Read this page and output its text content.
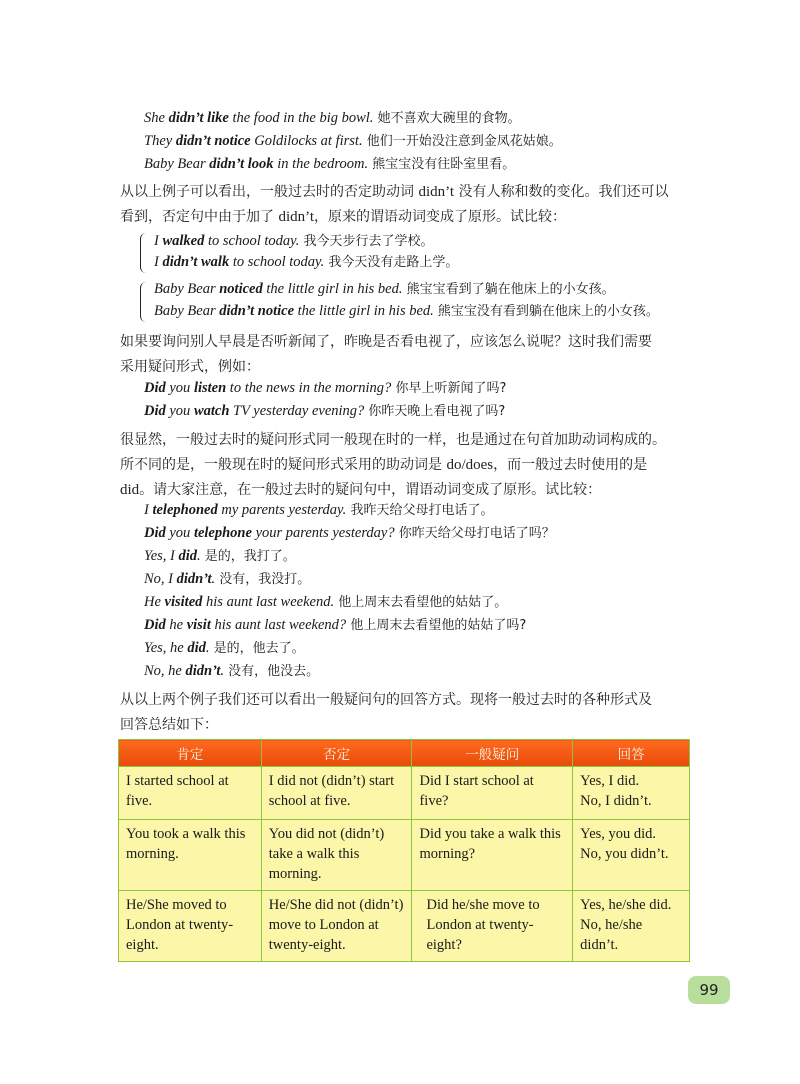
She didn’t like the food in the big bowl. 她不喜欢大碗里的食物。
They didn’t notice Goldilocks at first. 他们一开始没注意到金凤花姑娘。
Baby Bear didn’t look in the bedroom. 熊宝宝没有往卧室里看。
从以上例子可以看出，一般过去时的否定助动词 didn’t 没有人称和数的变化。我们还可以
看到，否定句中由于加了 didn’t，原来的谓语动词变成了原形。试比较：
I walked to school today. 我今天步行去了学校。
I didn’t walk to school today. 我今天没有走路上学。
Baby Bear noticed the little girl in his bed. 熊宝宝看到了躺在他床上的小女孩。
Baby Bear didn’t notice the little girl in his bed. 熊宝宝没有看到躺在他床上的小女孩。
如果要询问别人早晨是否听新闻了，昨晚是否看电视了，应该怎么说呢？这时我们需要
采用疑问形式，例如：
Did you listen to the news in the morning? 你早上听新闻了吗?
Did you watch TV yesterday evening? 你昨天晚上看电视了吗?
很显然，一般过去时的疑问形式同一般现在时的一样，也是通过在句首加助动词构成的。
所不同的是，一般现在时的疑问形式采用的助动词是 do/does，而一般过去时使用的是
did。请大家注意，在一般过去时的疑问句中，谓语动词变成了原形。试比较：
I telephoned my parents yesterday. 我昨天给父母打电话了。
Did you telephone your parents yesterday? 你昨天给父母打电话了吗？
Yes, I did. 是的，我打了。
No, I didn’t. 没有，我没打。
He visited his aunt last weekend. 他上周末去看望他的姑姑了。
Did he visit his aunt last weekend? 他上周末去看望他的姑姑了吗?
Yes, he did. 是的，他去了。
No, he didn’t. 没有，他没去。
从以上两个例子我们还可以看出一般疑问句的回答方式。现将一般过去时的各种形式及
回答总结如下：
肯定	否定	一般疑问	回答
I started school at five.	I did not (didn’t) start school at five.	Did I start school at five?	Yes, I did.
No, I didn’t.
You took a walk this morning.	You did not (didn’t) take a walk this morning.	Did you take a walk this morning?	Yes, you did.
No, you didn’t.
He/She moved to London at twenty-eight.	He/She did not (didn’t) move to London at twenty-eight.	Did he/she move to London at twenty-eight?	Yes, he/she did.
No, he/she didn’t.
99
